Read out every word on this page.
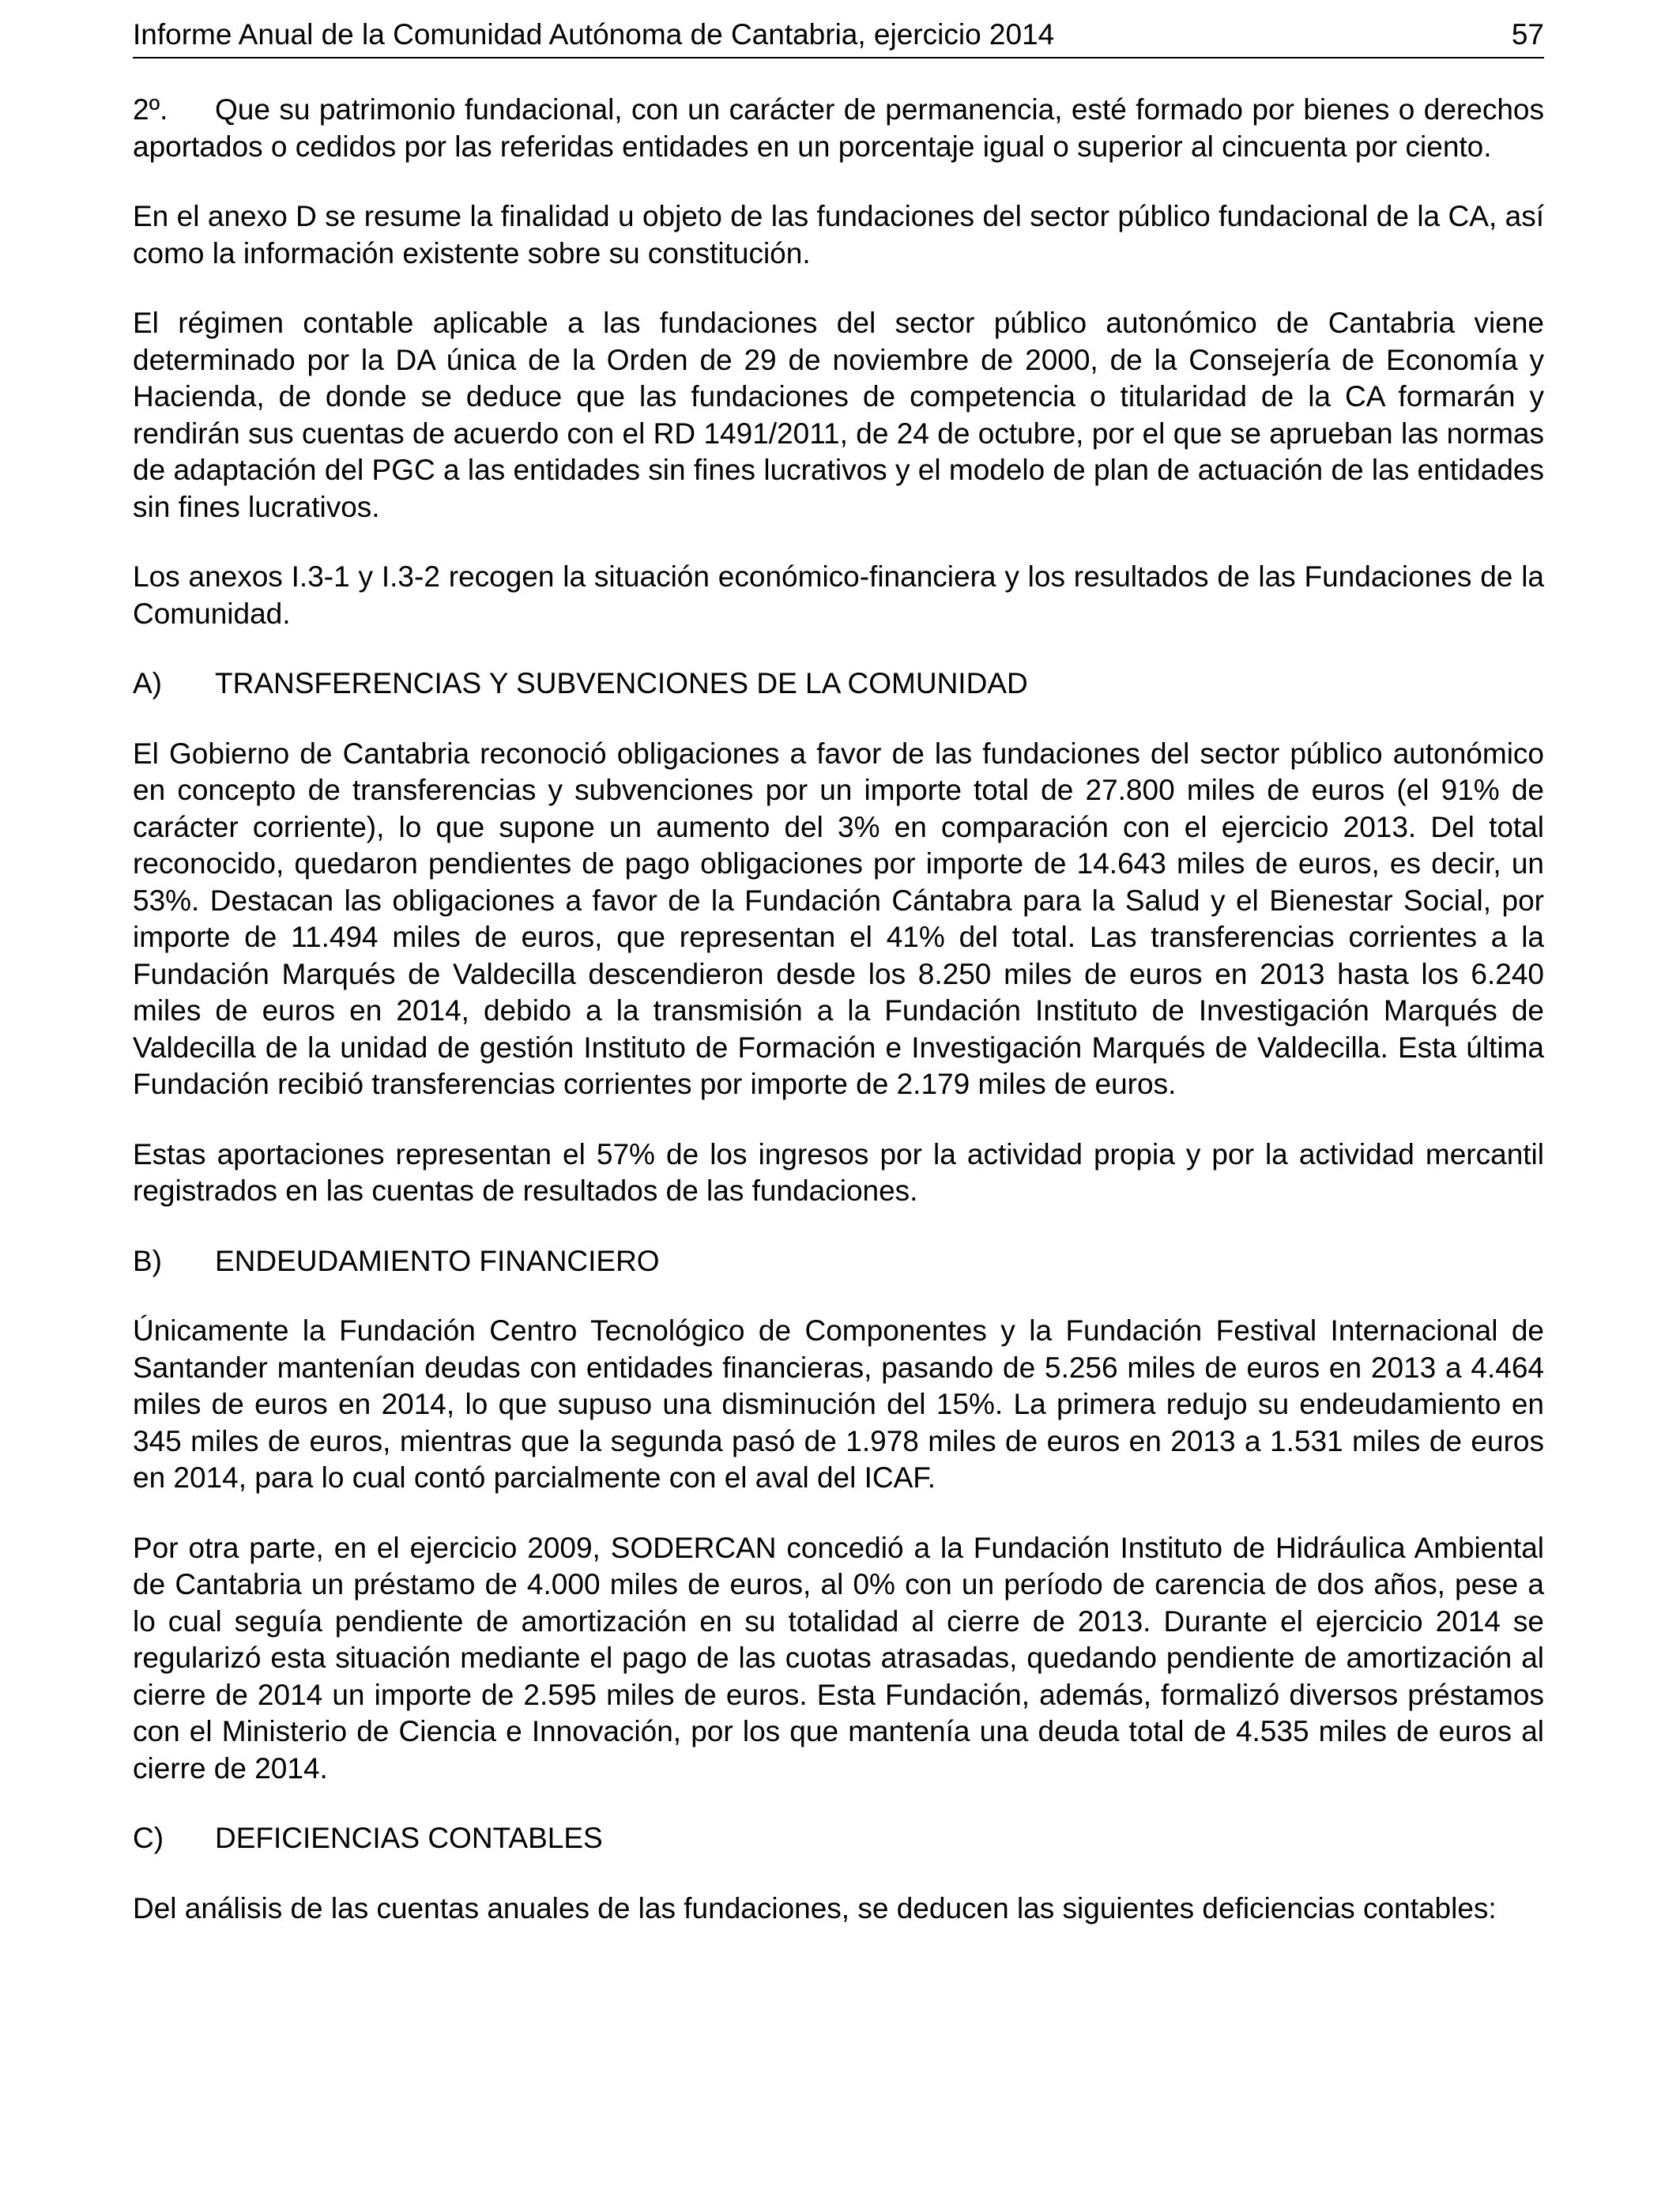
Informe Anual de la Comunidad Autónoma de Cantabria, ejercicio 2014	57

2º. Que su patrimonio fundacional, con un carácter de permanencia, esté formado por bienes o derechos aportados o cedidos por las referidas entidades en un porcentaje igual o superior al cincuenta por ciento.

En el anexo D se resume la finalidad u objeto de las fundaciones del sector público fundacional de la CA, así como la información existente sobre su constitución.

El régimen contable aplicable a las fundaciones del sector público autonómico de Cantabria viene determinado por la DA única de la Orden de 29 de noviembre de 2000, de la Consejería de Economía y Hacienda, de donde se deduce que las fundaciones de competencia o titularidad de la CA formarán y rendirán sus cuentas de acuerdo con el RD 1491/2011, de 24 de octubre, por el que se aprueban las normas de adaptación del PGC a las entidades sin fines lucrativos y el modelo de plan de actuación de las entidades sin fines lucrativos.

Los anexos I.3-1 y I.3-2 recogen la situación económico-financiera y los resultados de las Fundaciones de la Comunidad.

A) TRANSFERENCIAS Y SUBVENCIONES DE LA COMUNIDAD

El Gobierno de Cantabria reconoció obligaciones a favor de las fundaciones del sector público autonómico en concepto de transferencias y subvenciones por un importe total de 27.800 miles de euros (el 91% de carácter corriente), lo que supone un aumento del 3% en comparación con el ejercicio 2013. Del total reconocido, quedaron pendientes de pago obligaciones por importe de 14.643 miles de euros, es decir, un 53%. Destacan las obligaciones a favor de la Fundación Cántabra para la Salud y el Bienestar Social, por importe de 11.494 miles de euros, que representan el 41% del total. Las transferencias corrientes a la Fundación Marqués de Valdecilla descendieron desde los 8.250 miles de euros en 2013 hasta los 6.240 miles de euros en 2014, debido a la transmisión a la Fundación Instituto de Investigación Marqués de Valdecilla de la unidad de gestión Instituto de Formación e Investigación Marqués de Valdecilla. Esta última Fundación recibió transferencias corrientes por importe de 2.179 miles de euros.

Estas aportaciones representan el 57% de los ingresos por la actividad propia y por la actividad mercantil registrados en las cuentas de resultados de las fundaciones.

B) ENDEUDAMIENTO FINANCIERO

Únicamente la Fundación Centro Tecnológico de Componentes y la Fundación Festival Internacional de Santander mantenían deudas con entidades financieras, pasando de 5.256 miles de euros en 2013 a 4.464 miles de euros en 2014, lo que supuso una disminución del 15%. La primera redujo su endeudamiento en 345 miles de euros, mientras que la segunda pasó de 1.978 miles de euros en 2013 a 1.531 miles de euros en 2014, para lo cual contó parcialmente con el aval del ICAF.

Por otra parte, en el ejercicio 2009, SODERCAN concedió a la Fundación Instituto de Hidráulica Ambiental de Cantabria un préstamo de 4.000 miles de euros, al 0% con un período de carencia de dos años, pese a lo cual seguía pendiente de amortización en su totalidad al cierre de 2013. Durante el ejercicio 2014 se regularizó esta situación mediante el pago de las cuotas atrasadas, quedando pendiente de amortización al cierre de 2014 un importe de 2.595 miles de euros. Esta Fundación, además, formalizó diversos préstamos con el Ministerio de Ciencia e Innovación, por los que mantenía una deuda total de 4.535 miles de euros al cierre de 2014.

C) DEFICIENCIAS CONTABLES

Del análisis de las cuentas anuales de las fundaciones, se deducen las siguientes deficiencias contables:
